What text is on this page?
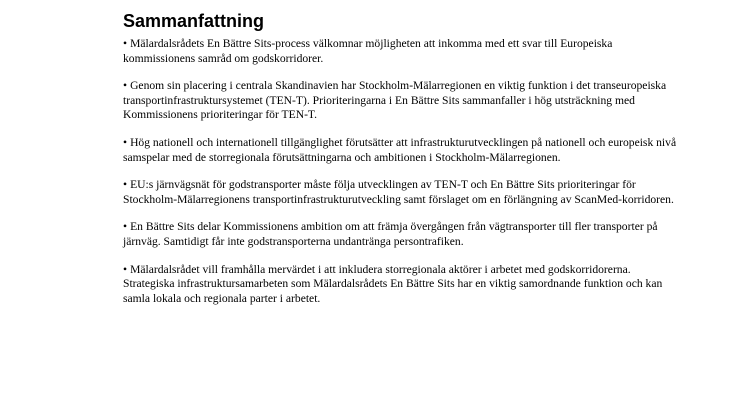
Sammanfattning
• Mälardalsrådets En Bättre Sits-process välkomnar möjligheten att inkomma med ett svar till Europeiska kommissionens samråd om godskorridorer.
• Genom sin placering i centrala Skandinavien har Stockholm-Mälarregionen en viktig funktion i det transeuropeiska transportinfrastruktursystemet (TEN-T). Prioriteringarna i En Bättre Sits sammanfaller i hög utsträckning med Kommissionens prioriteringar för TEN-T.
• Hög nationell och internationell tillgänglighet förutsätter att infrastrukturutvecklingen på nationell och europeisk nivå samspelar med de storregionala förutsättningarna och ambitionen i Stockholm-Mälarregionen.
• EU:s järnvägsnät för godstransporter måste följa utvecklingen av TEN-T och En Bättre Sits prioriteringar för Stockholm-Mälarregionens transportinfrastrukturutveckling samt förslaget om en förlängning av ScanMed-korridoren.
• En Bättre Sits delar Kommissionens ambition om att främja övergången från vägtransporter till fler transporter på järnväg. Samtidigt får inte godstransporterna undantränga persontrafiken.
• Mälardalsrådet vill framhålla mervärdet i att inkludera storregionala aktörer i arbetet med godskorridorerna. Strategiska infrastruktursamarbeten som Mälardalsrådets En Bättre Sits har en viktig samordnande funktion och kan samla lokala och regionala parter i arbetet.
